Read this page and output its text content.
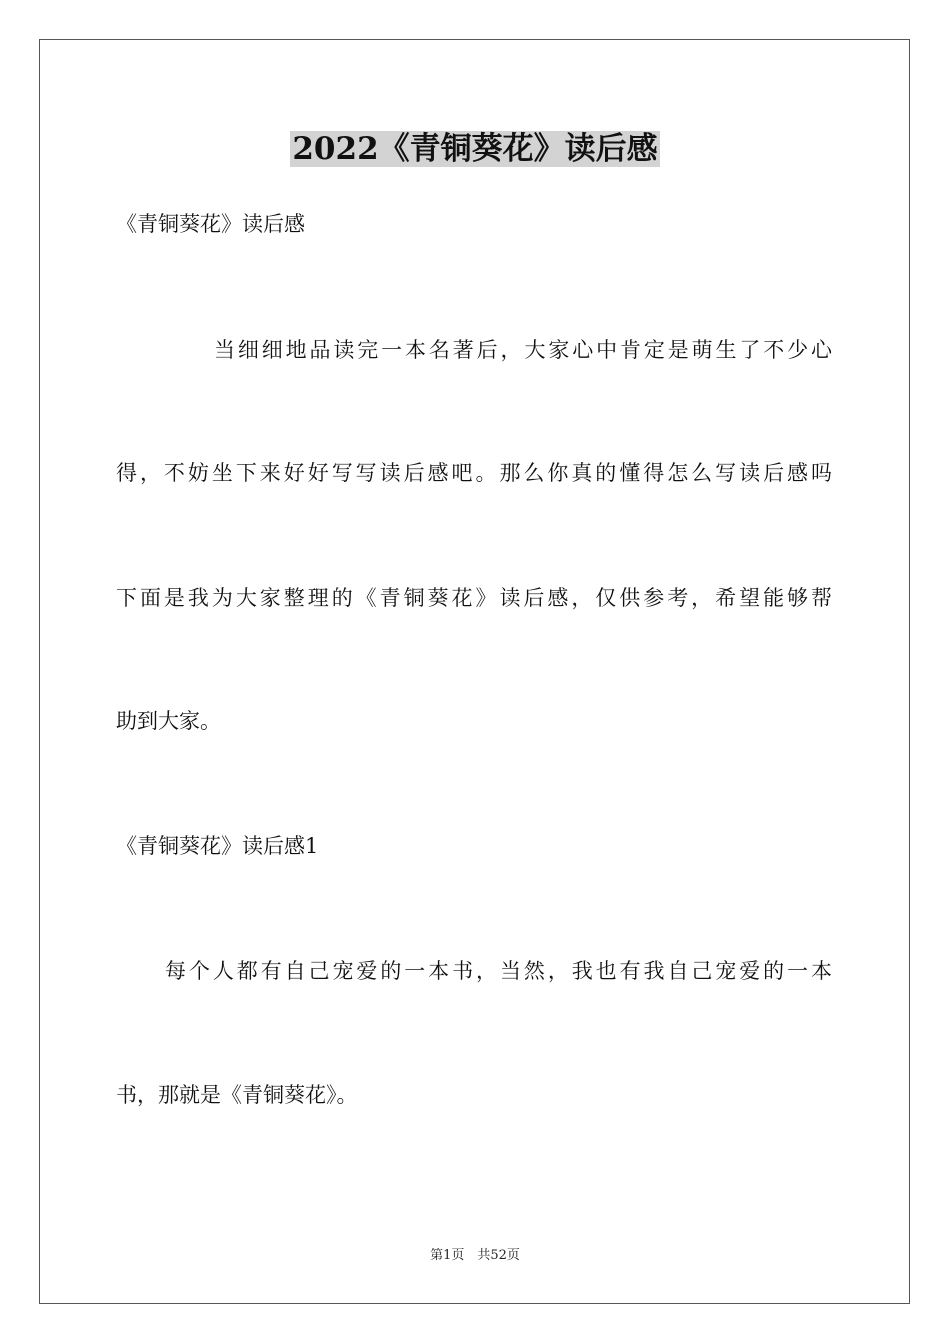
2022《青铜葵花》读后感
《青铜葵花》读后感
当细细地品读完一本名著后，大家心中肯定是萌生了不少心
得，不妨坐下来好好写写读后感吧。那么你真的懂得怎么写读后感吗
下面是我为大家整理的《青铜葵花》读后感，仅供参考，希望能够帮
助到大家。
《青铜葵花》读后感1
每个人都有自己宠爱的一本书，当然，我也有我自己宠爱的一本
书，那就是《青铜葵花》。
第1页　共52页
